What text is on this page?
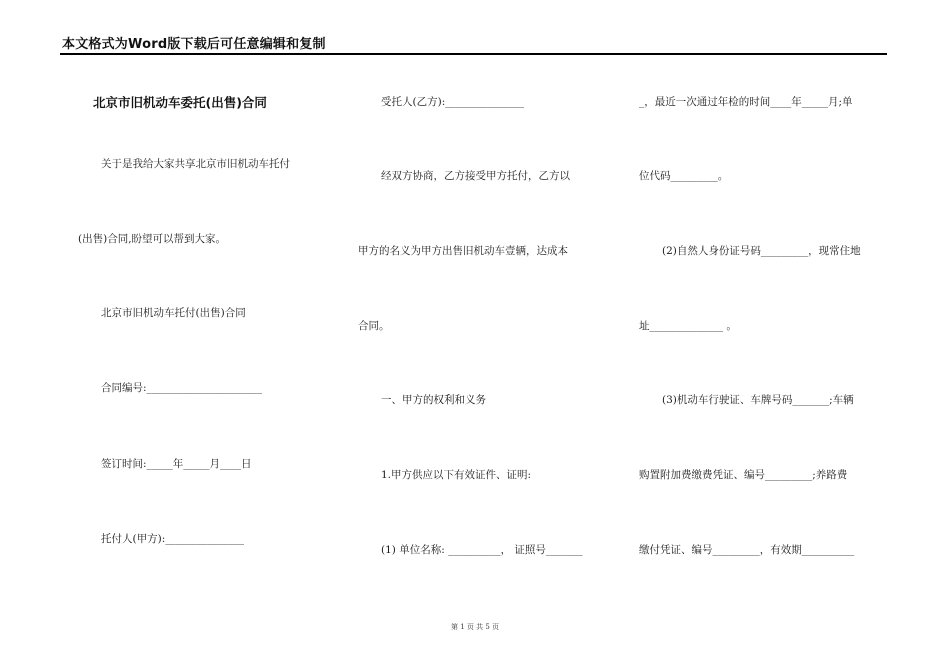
本文格式为Word版下载后可任意编辑和复制
北京市旧机动车委托(出售)合同
关于是我给大家共享北京市旧机动车托付
(出售)合同,盼望可以帮到大家。
北京市旧机动车托付(出售)合同
合同编号:______________________
签订时间:_____年_____月____日
托付人(甲方):_______________
受托人(乙方):_______________
经双方协商，乙方接受甲方托付，乙方以
甲方的名义为甲方出售旧机动车壹辆，达成本
合同。
一、甲方的权利和义务
1.甲方供应以下有效证件、证明:
(1) 单位名称: __________， 证照号_______
_，最近一次通过年检的时间____年_____月;单
位代码_________。
(2)自然人身份证号码_________，现常住地
址______________ 。
(3)机动车行驶证、车牌号码_______;车辆
购置附加费缴费凭证、编号_________;养路费
缴付凭证、编号_________，有效期__________
第 1 页 共 5 页
